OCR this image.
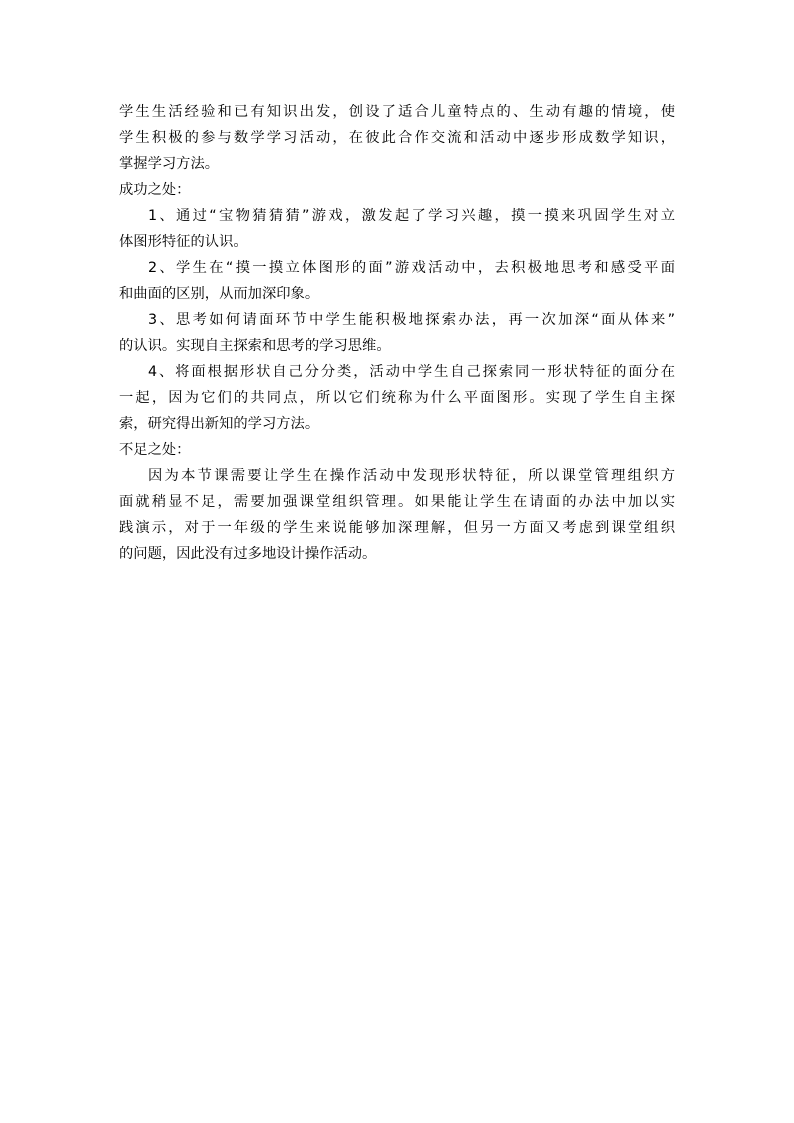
学生生活经验和已有知识出发，创设了适合儿童特点的、生动有趣的情境，使
学生积极的参与数学学习活动，在彼此合作交流和活动中逐步形成数学知识，
掌握学习方法。
成功之处：
1、通过“宝物猜猜猜”游戏，激发起了学习兴趣，摸一摸来巩固学生对立
体图形特征的认识。
2、学生在“摸一摸立体图形的面”游戏活动中，去积极地思考和感受平面
和曲面的区别，从而加深印象。
3、思考如何请面环节中学生能积极地探索办法，再一次加深“面从体来”
的认识。实现自主探索和思考的学习思维。
4、将面根据形状自己分分类，活动中学生自己探索同一形状特征的面分在
一起，因为它们的共同点，所以它们统称为什么平面图形。实现了学生自主探
索，研究得出新知的学习方法。
不足之处：
因为本节课需要让学生在操作活动中发现形状特征，所以课堂管理组织方
面就稍显不足，需要加强课堂组织管理。如果能让学生在请面的办法中加以实
践演示，对于一年级的学生来说能够加深理解，但另一方面又考虑到课堂组织
的问题，因此没有过多地设计操作活动。
